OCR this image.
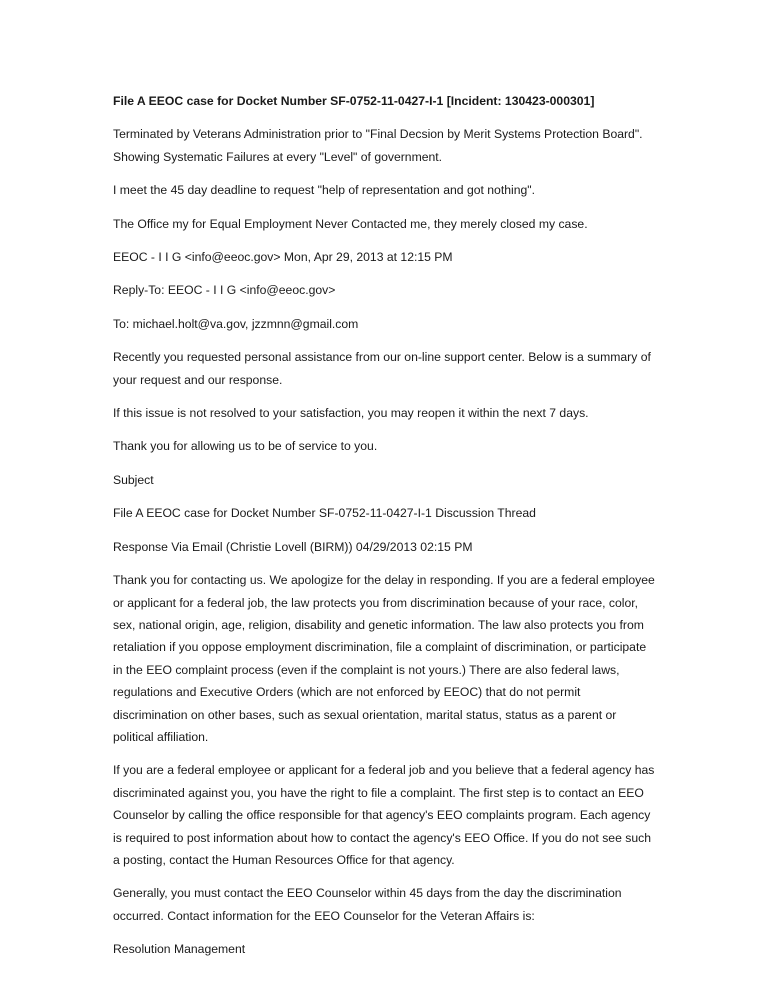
File A EEOC case for Docket Number SF-0752-11-0427-I-1 [Incident: 130423-000301]

Terminated by Veterans Administration prior to "Final Decsion by Merit Systems Protection Board". Showing Systematic Failures at every "Level" of government.

I meet the 45 day deadline to request "help of representation and got nothing".

The Office my for Equal Employment Never Contacted me, they merely closed my case.

EEOC - I I G <info@eeoc.gov> Mon, Apr 29, 2013 at 12:15 PM

Reply-To: EEOC - I I G <info@eeoc.gov>

To: michael.holt@va.gov, jzzmnn@gmail.com

Recently you requested personal assistance from our on-line support center. Below is a summary of your request and our response.

If this issue is not resolved to your satisfaction, you may reopen it within the next 7 days.

Thank you for allowing us to be of service to you.

Subject

File A EEOC case for Docket Number SF-0752-11-0427-I-1 Discussion Thread

Response Via Email (Christie Lovell (BIRM)) 04/29/2013 02:15 PM

Thank you for contacting us. We apologize for the delay in responding. If you are a federal employee or applicant for a federal job, the law protects you from discrimination because of your race, color, sex, national origin, age, religion, disability and genetic information. The law also protects you from retaliation if you oppose employment discrimination, file a complaint of discrimination, or participate in the EEO complaint process (even if the complaint is not yours.) There are also federal laws, regulations and Executive Orders (which are not enforced by EEOC) that do not permit discrimination on other bases, such as sexual orientation, marital status, status as a parent or political affiliation.

If you are a federal employee or applicant for a federal job and you believe that a federal agency has discriminated against you, you have the right to file a complaint. The first step is to contact an EEO Counselor by calling the office responsible for that agency's EEO complaints program. Each agency is required to post information about how to contact the agency's EEO Office. If you do not see such a posting, contact the Human Resources Office for that agency.

Generally, you must contact the EEO Counselor within 45 days from the day the discrimination occurred. Contact information for the EEO Counselor for the Veteran Affairs is:

Resolution Management
